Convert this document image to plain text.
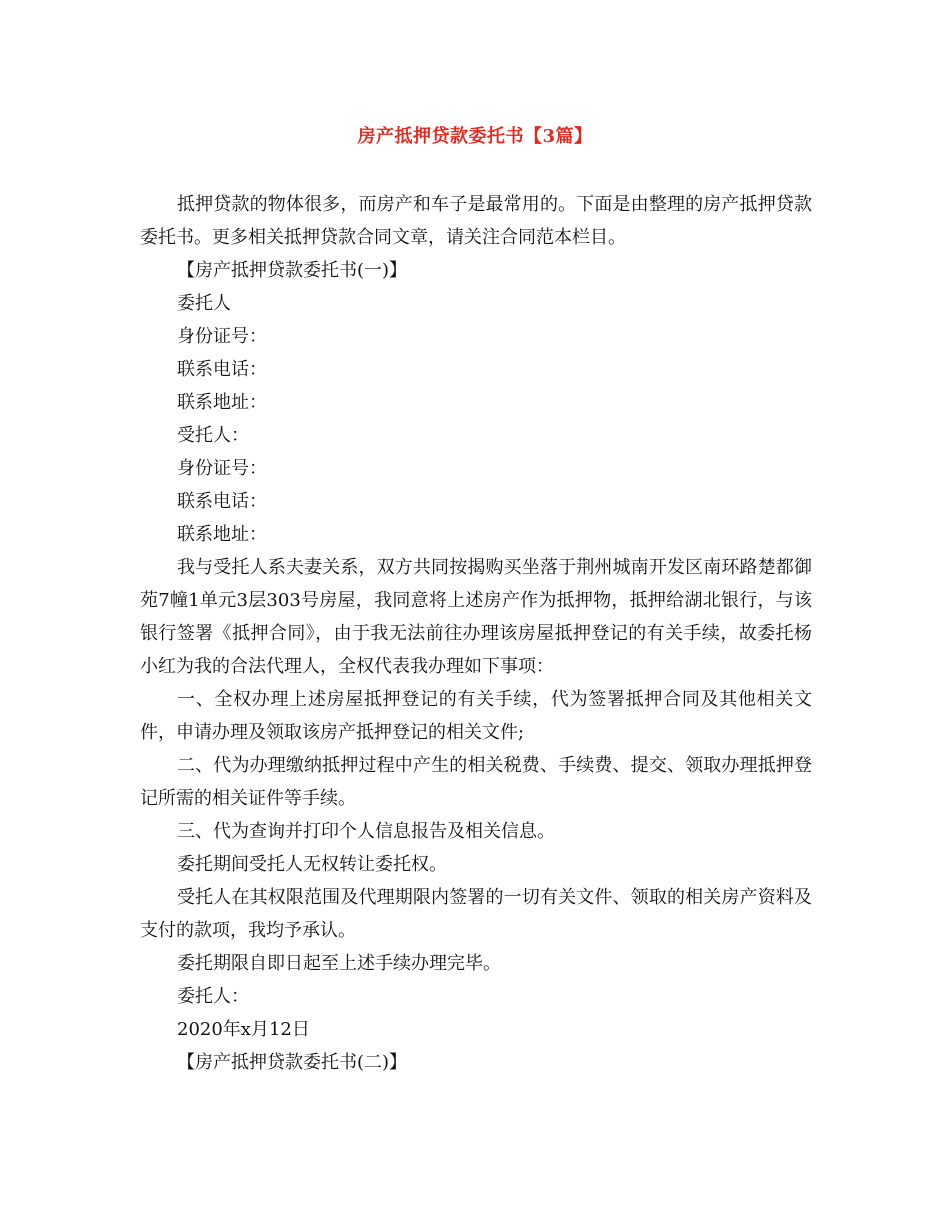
房产抵押贷款委托书【3篇】

抵押贷款的物体很多，而房产和车子是最常用的。下面是由整理的房产抵押贷款委托书。更多相关抵押贷款合同文章，请关注合同范本栏目。

【房产抵押贷款委托书(一)】

委托人

身份证号：

联系电话：

联系地址：

受托人：

身份证号：

联系电话：

联系地址：

我与受托人系夫妻关系，双方共同按揭购买坐落于荆州城南开发区南环路楚都御苑7幢1单元3层303号房屋，我同意将上述房产作为抵押物，抵押给湖北银行，与该银行签署《抵押合同》，由于我无法前往办理该房屋抵押登记的有关手续，故委托杨小红为我的合法代理人，全权代表我办理如下事项：

一、全权办理上述房屋抵押登记的有关手续，代为签署抵押合同及其他相关文件，申请办理及领取该房产抵押登记的相关文件;

二、代为办理缴纳抵押过程中产生的相关税费、手续费、提交、领取办理抵押登记所需的相关证件等手续。

三、代为查询并打印个人信息报告及相关信息。

委托期间受托人无权转让委托权。

受托人在其权限范围及代理期限内签署的一切有关文件、领取的相关房产资料及支付的款项，我均予承认。

委托期限自即日起至上述手续办理完毕。

委托人：

2020年x月12日

【房产抵押贷款委托书(二)】
